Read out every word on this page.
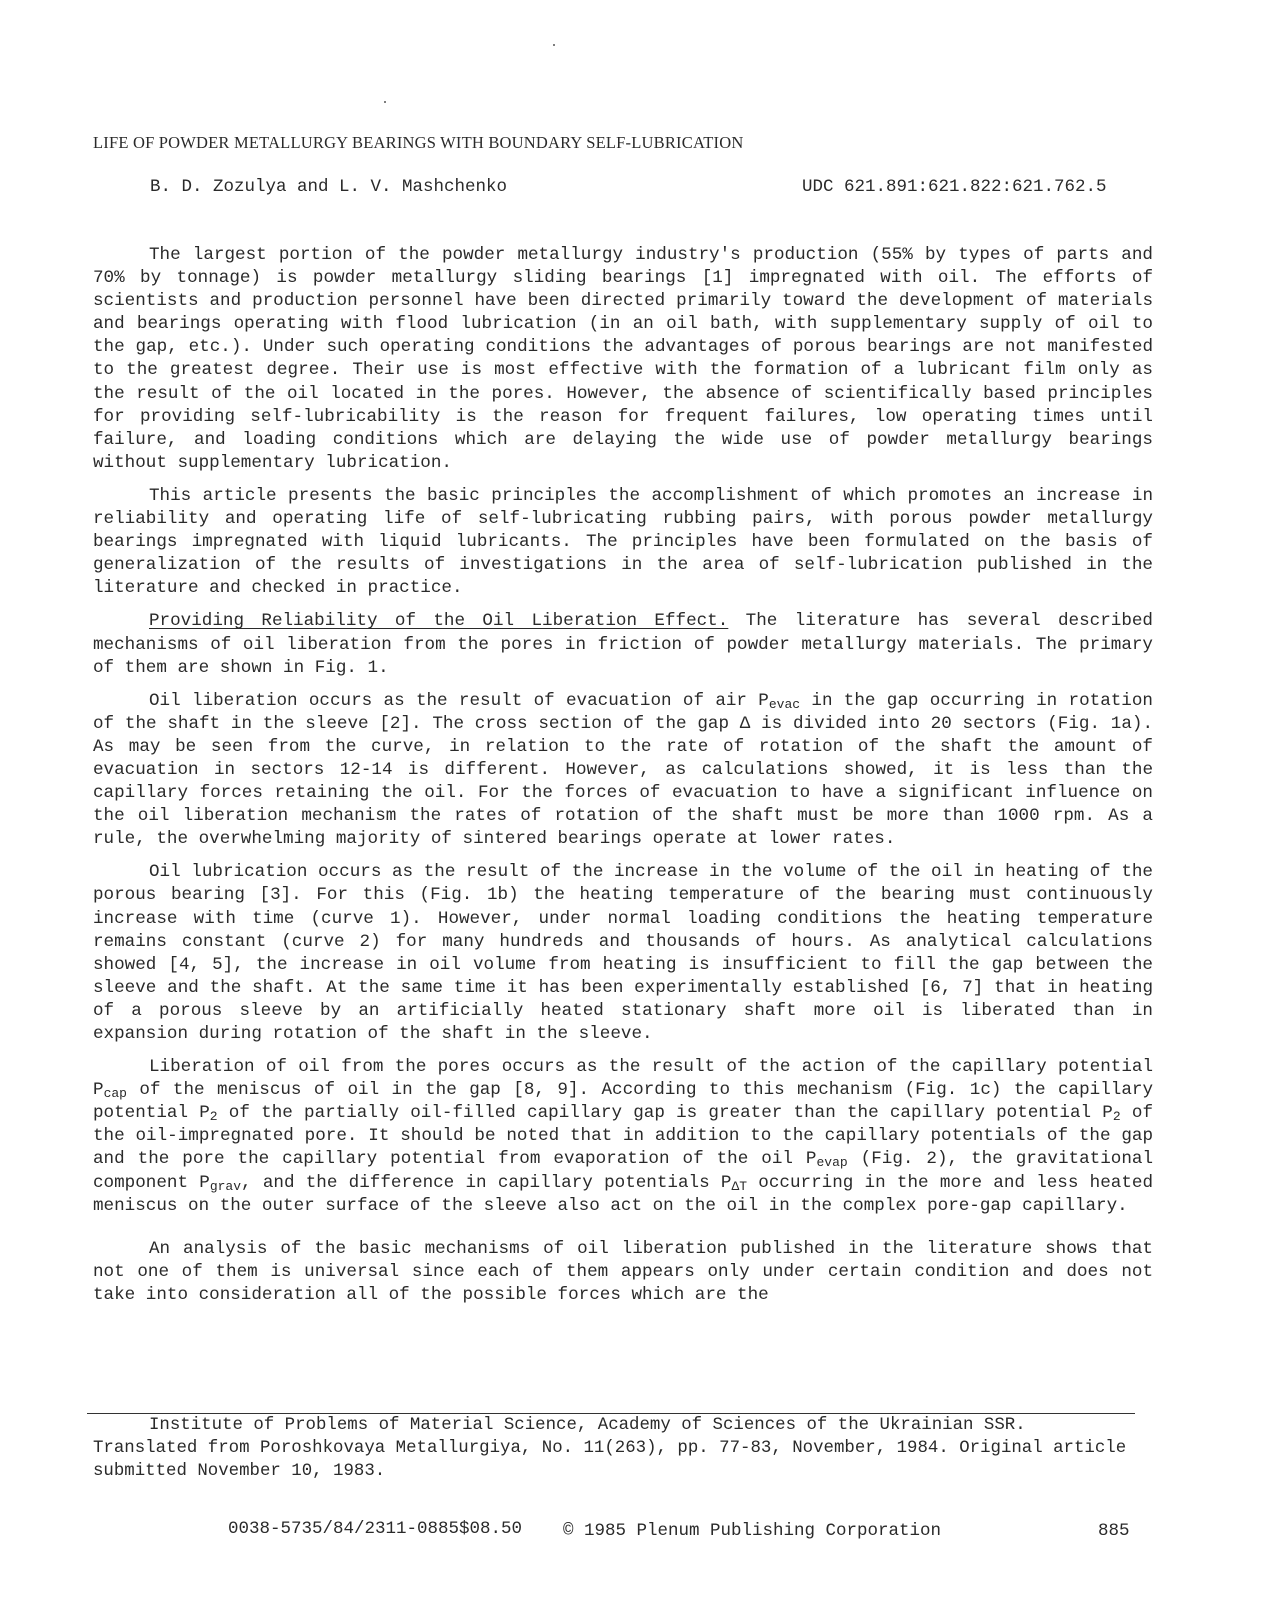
LIFE OF POWDER METALLURGY BEARINGS WITH BOUNDARY SELF-LUBRICATION
B. D. Zozulya and L. V. Mashchenko	UDC 621.891:621.822:621.762.5

The largest portion of the powder metallurgy industry's production (55% by types of parts and 70% by tonnage) is powder metallurgy sliding bearings [1] impregnated with oil. The efforts of scientists and production personnel have been directed primarily toward the development of materials and bearings operating with flood lubrication (in an oil bath, with supplementary supply of oil to the gap, etc.). Under such operating conditions the advantages of porous bearings are not manifested to the greatest degree. Their use is most effective with the formation of a lubricant film only as the result of the oil located in the pores. However, the absence of scientifically based principles for providing self-lubricability is the reason for frequent failures, low operating times until failure, and loading conditions which are delaying the wide use of powder metallurgy bearings without supplementary lubrication.

This article presents the basic principles the accomplishment of which promotes an increase in reliability and operating life of self-lubricating rubbing pairs, with porous powder metallurgy bearings impregnated with liquid lubricants. The principles have been formulated on the basis of generalization of the results of investigations in the area of self-lubrication published in the literature and checked in practice.

Providing Reliability of the Oil Liberation Effect. The literature has several described mechanisms of oil liberation from the pores in friction of powder metallurgy materials. The primary of them are shown in Fig. 1.

Oil liberation occurs as the result of evacuation of air $P_{evac}$ in the gap occurring in rotation of the shaft in the sleeve [2]. The cross section of the gap Δ is divided into 20 sectors (Fig. 1a). As may be seen from the curve, in relation to the rate of rotation of the shaft the amount of evacuation in sectors 12-14 is different. However, as calculations showed, it is less than the capillary forces retaining the oil. For the forces of evacuation to have a significant influence on the oil liberation mechanism the rates of rotation of the shaft must be more than 1000 rpm. As a rule, the overwhelming majority of sintered bearings operate at lower rates.

Oil lubrication occurs as the result of the increase in the volume of the oil in heating of the porous bearing [3]. For this (Fig. 1b) the heating temperature of the bearing must continuously increase with time (curve 1). However, under normal loading conditions the heating temperature remains constant (curve 2) for many hundreds and thousands of hours. As analytical calculations showed [4, 5], the increase in oil volume from heating is insufficient to fill the gap between the sleeve and the shaft. At the same time it has been experimentally established [6, 7] that in heating of a porous sleeve by an artificially heated stationary shaft more oil is liberated than in expansion during rotation of the shaft in the sleeve.

Liberation of oil from the pores occurs as the result of the action of the capillary potential $P_{cap}$ of the meniscus of oil in the gap [8, 9]. According to this mechanism (Fig. 1c) the capillary potential $P_2$ of the partially oil-filled capillary gap is greater than the capillary potential $P_2$ of the oil-impregnated pore. It should be noted that in addition to the capillary potentials of the gap and the pore the capillary potential from evaporation of the oil $P_{evap}$ (Fig. 2), the gravitational component $P_{grav}$, and the difference in capillary potentials $P_{\Delta T}$ occurring in the more and less heated meniscus on the outer surface of the sleeve also act on the oil in the complex pore-gap capillary.

An analysis of the basic mechanisms of oil liberation published in the literature shows that not one of them is universal since each of them appears only under certain condition and does not take into consideration all of the possible forces which are the

Institute of Problems of Material Science, Academy of Sciences of the Ukrainian SSR.
Translated from Poroshkovaya Metallurgiya, No. 11(263), pp. 77-83, November, 1984. Original article submitted November 10, 1983.
0038-5735/84/2311-0885$08.50 © 1985 Plenum Publishing Corporation	885
